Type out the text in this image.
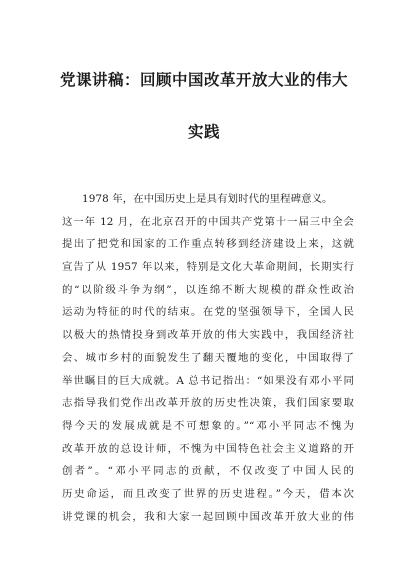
党课讲稿：回顾中国改革开放大业的伟大
实践
1978 年，在中国历史上是具有划时代的里程碑意义。
这一年 12 月，在北京召开的中国共产党第十一届三中全会
提出了把党和国家的工作重点转移到经济建设上来，这就
宣告了从 1957 年以来，特别是文化大革命期间，长期实行
的“以阶级斗争为纲”，以连绵不断大规模的群众性政治
运动为特征的时代的结束。在党的坚强领导下，全国人民
以极大的热情投身到改革开放的伟大实践中，我国经济社
会、城市乡村的面貌发生了翻天覆地的变化，中国取得了
举世瞩目的巨大成就。A 总书记指出：“如果没有邓小平同
志指导我们党作出改革开放的历史性决策，我们国家要取
得今天的发展成就是不可想象的。”“邓小平同志不愧为
改革开放的总设计师，不愧为中国特色社会主义道路的开
创者”。“邓小平同志的贡献，不仅改变了中国人民的
历史命运，而且改变了世界的历史进程。”今天，借本次
讲党课的机会，我和大家一起回顾中国改革开放大业的伟
